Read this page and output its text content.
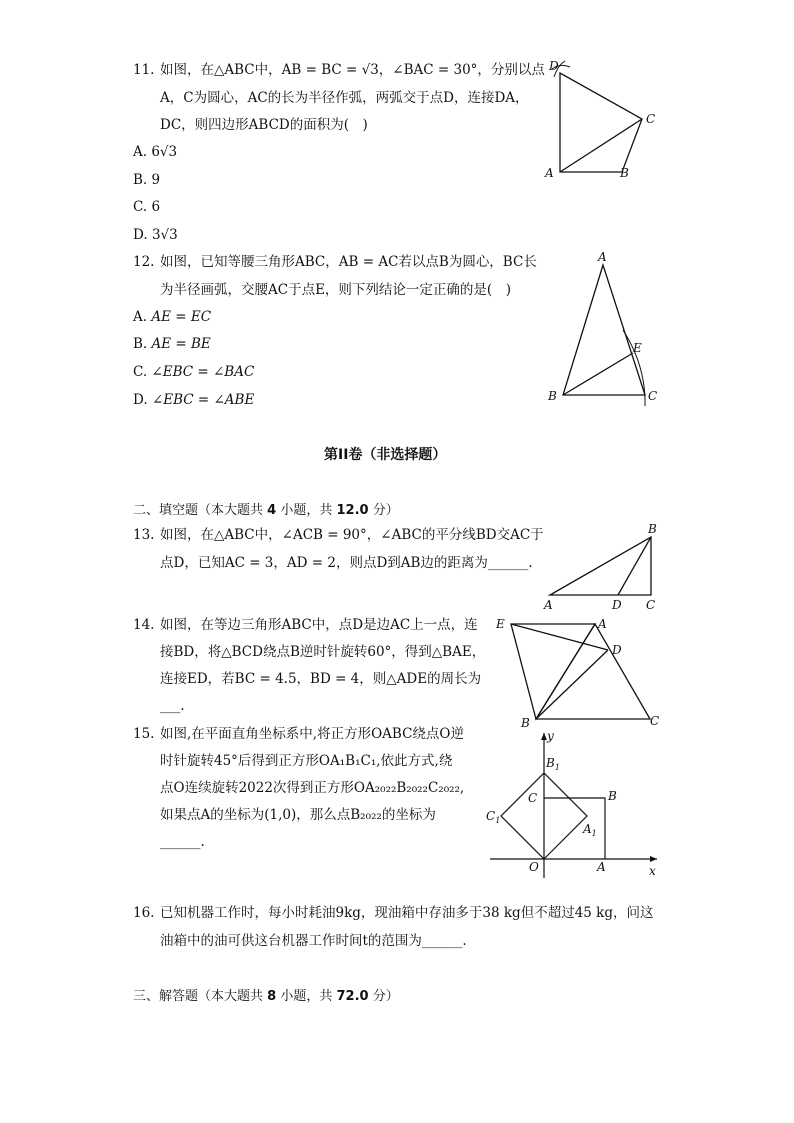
11. 如图，在△ABC中，AB = BC = √3，∠BAC = 30°，分别以点
A，C为圆心，AC的长为半径作弧，两弧交于点D，连接DA，
DC，则四边形ABCD的面积为(　)
A. 6√3
B. 9
C. 6
D. 3√3
D
A	B
C
12. 如图，已知等腰三角形ABC，AB = AC若以点B为圆心，BC长
为半径画弧，交腰AC于点E，则下列结论一定正确的是(　)
A. AE = EC
B. AE = BE
C. ∠EBC = ∠BAC
D. ∠EBC = ∠ABE
A
B	C
E
第II卷（非选择题）
二、填空题（本大题共 4 小题，共 12.0 分）
13. 如图，在△ABC中，∠ACB = 90°，∠ABC的平分线BD交AC于
点D，已知AC = 3，AD = 2，则点D到AB边的距离为______.
A
B
C
D
14. 如图，在等边三角形ABC中，点D是边AC上一点，连
接BD，将△BCD绕点B逆时针旋转60°，得到△BAE，
连接ED，若BC = 4.5，BD = 4，则△ADE的周长为
___.
E	A
D
B	C
15. 如图,在平面直角坐标系中,将正方形OABC绕点O逆
时针旋转45°后得到正方形OA₁B₁C₁,依此方式,绕
点O连续旋转2022次得到正方形OA₂₀₂₂B₂₀₂₂C₂₀₂₂,
如果点A的坐标为(1,0)，那么点B₂₀₂₂的坐标为
______.
x
y
O	A
B
C
$B_1$
$A_1$
$C_1$
16. 已知机器工作时，每小时耗油9kg，现油箱中存油多于38 kg但不超过45 kg，问这
油箱中的油可供这台机器工作时间t的范围为______.
三、解答题（本大题共 8 小题，共 72.0 分）
